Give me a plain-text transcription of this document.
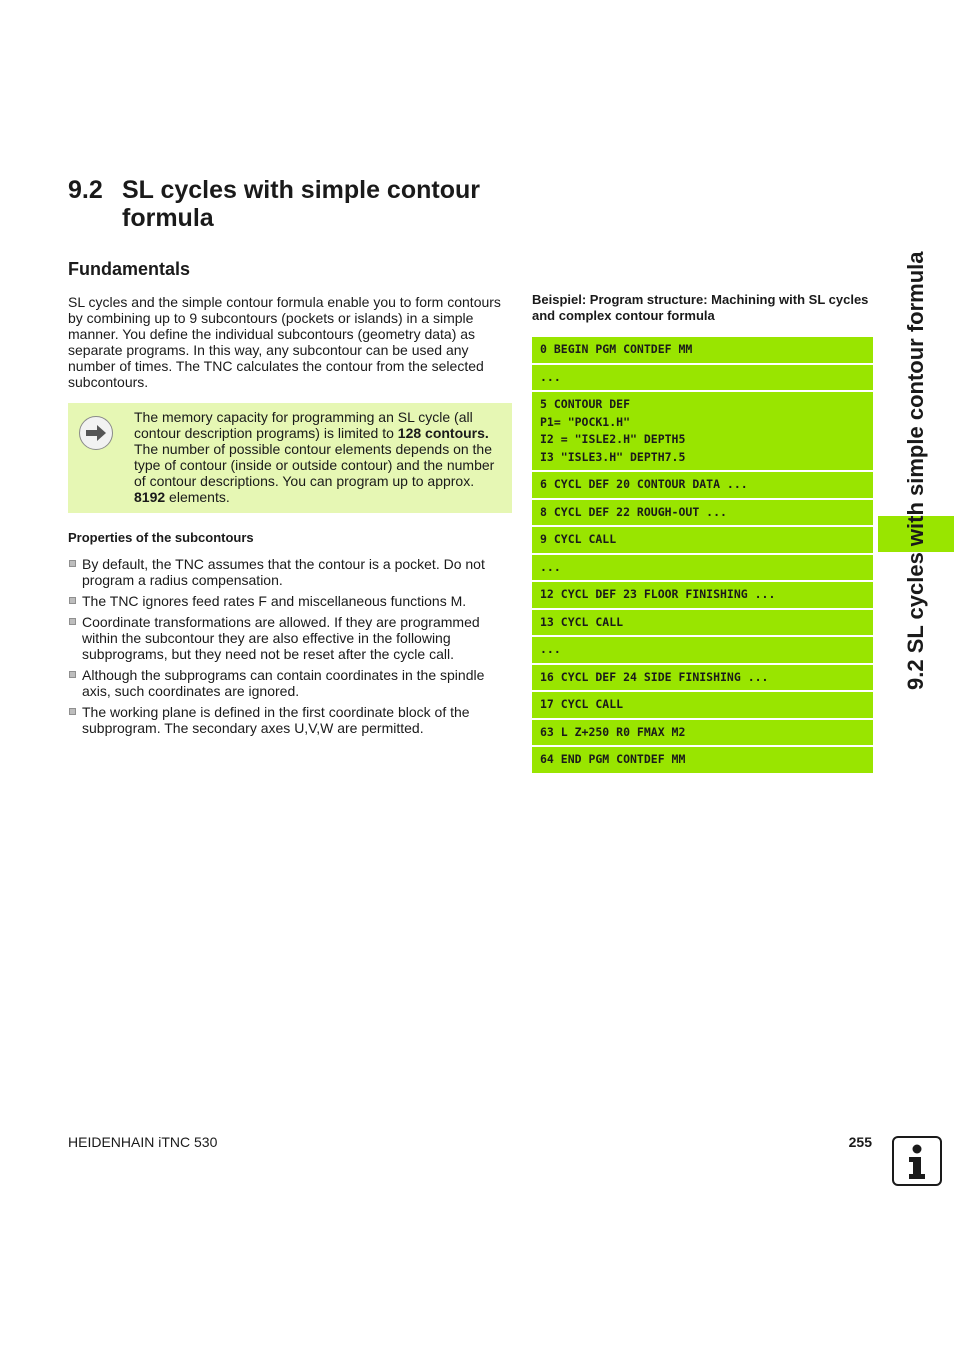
9.2 SL cycles with simple contour formula
Fundamentals
SL cycles and the simple contour formula enable you to form contours by combining up to 9 subcontours (pockets or islands) in a simple manner. You define the individual subcontours (geometry data) as separate programs. In this way, any subcontour can be used any number of times. The TNC calculates the contour from the selected subcontours.
The memory capacity for programming an SL cycle (all contour description programs) is limited to 128 contours. The number of possible contour elements depends on the type of contour (inside or outside contour) and the number of contour descriptions. You can program up to approx. 8192 elements.
Properties of the subcontours
By default, the TNC assumes that the contour is a pocket. Do not program a radius compensation.
The TNC ignores feed rates F and miscellaneous functions M.
Coordinate transformations are allowed. If they are programmed within the subcontour they are also effective in the following subprograms, but they need not be reset after the cycle call.
Although the subprograms can contain coordinates in the spindle axis, such coordinates are ignored.
The working plane is defined in the first coordinate block of the subprogram. The secondary axes U,V,W are permitted.
Beispiel: Program structure: Machining with SL cycles and complex contour formula
0 BEGIN PGM CONTDEF MM
...
5 CONTOUR DEF
P1= "POCK1.H"
I2 = "ISLE2.H" DEPTH5
I3 "ISLE3.H" DEPTH7.5
6 CYCL DEF 20 CONTOUR DATA ...
8 CYCL DEF 22 ROUGH-OUT ...
9 CYCL CALL
...
12 CYCL DEF 23 FLOOR FINISHING ...
13 CYCL CALL
...
16 CYCL DEF 24 SIDE FINISHING ...
17 CYCL CALL
63 L Z+250 R0 FMAX M2
64 END PGM CONTDEF MM
9.2 SL cycles with simple contour formula
HEIDENHAIN iTNC 530	255
